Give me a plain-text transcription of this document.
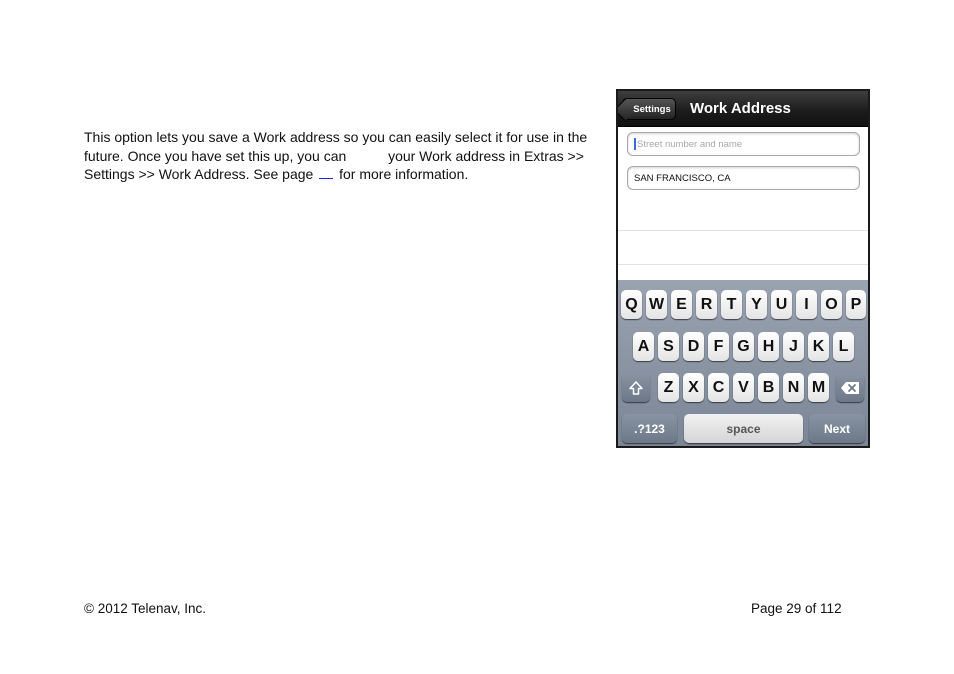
This option lets you save a Work address so you can easily select it for use in the future. Once you have set this up, you can	your Work address in Extras >> Settings >> Work Address. See page for more information.
Settings Work Address
Street number and name
SAN FRANCISCO, CA
Q W E R T Y U	I	O P
A S D F G H J K L
Z X C V B N M
.?123	space	Next
© 2012 Telenav, Inc.	Page 29 of 112
